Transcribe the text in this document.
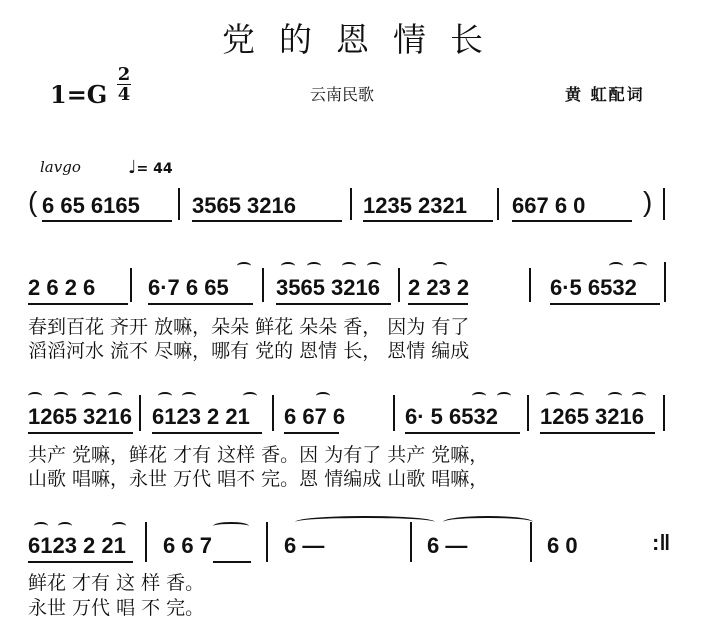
党的恩情长
1=G
2
4	云南民歌	黄 虹配词
lavgo	♩= 44
( 6 65 6165 3565 3216	1235 2321 667 6 0 )
2 6 2 6 6·7 6 65 3565 3216 2 23 2	6·5 6532
春到百花 齐开 放嘛，朵朵 鲜花 朵朵 香， 因为 有了
滔滔河水 流不 尽嘛，哪有 党的 恩情 长， 恩情 编成
1265 3216 6123 2 21 6 67 6	6· 5 6532 1265 3216
共产 党嘛，鲜花 才有 这样 香。因 为有了 共产 党嘛，
山歌 唱嘛，永世 万代 唱不 完。恩 情编成 山歌 唱嘛，
6123 2 21 6 6 7	6 —	6 —	6 0	:‖
鲜花 才有 这 样 香。
永世 万代 唱 不 完。
